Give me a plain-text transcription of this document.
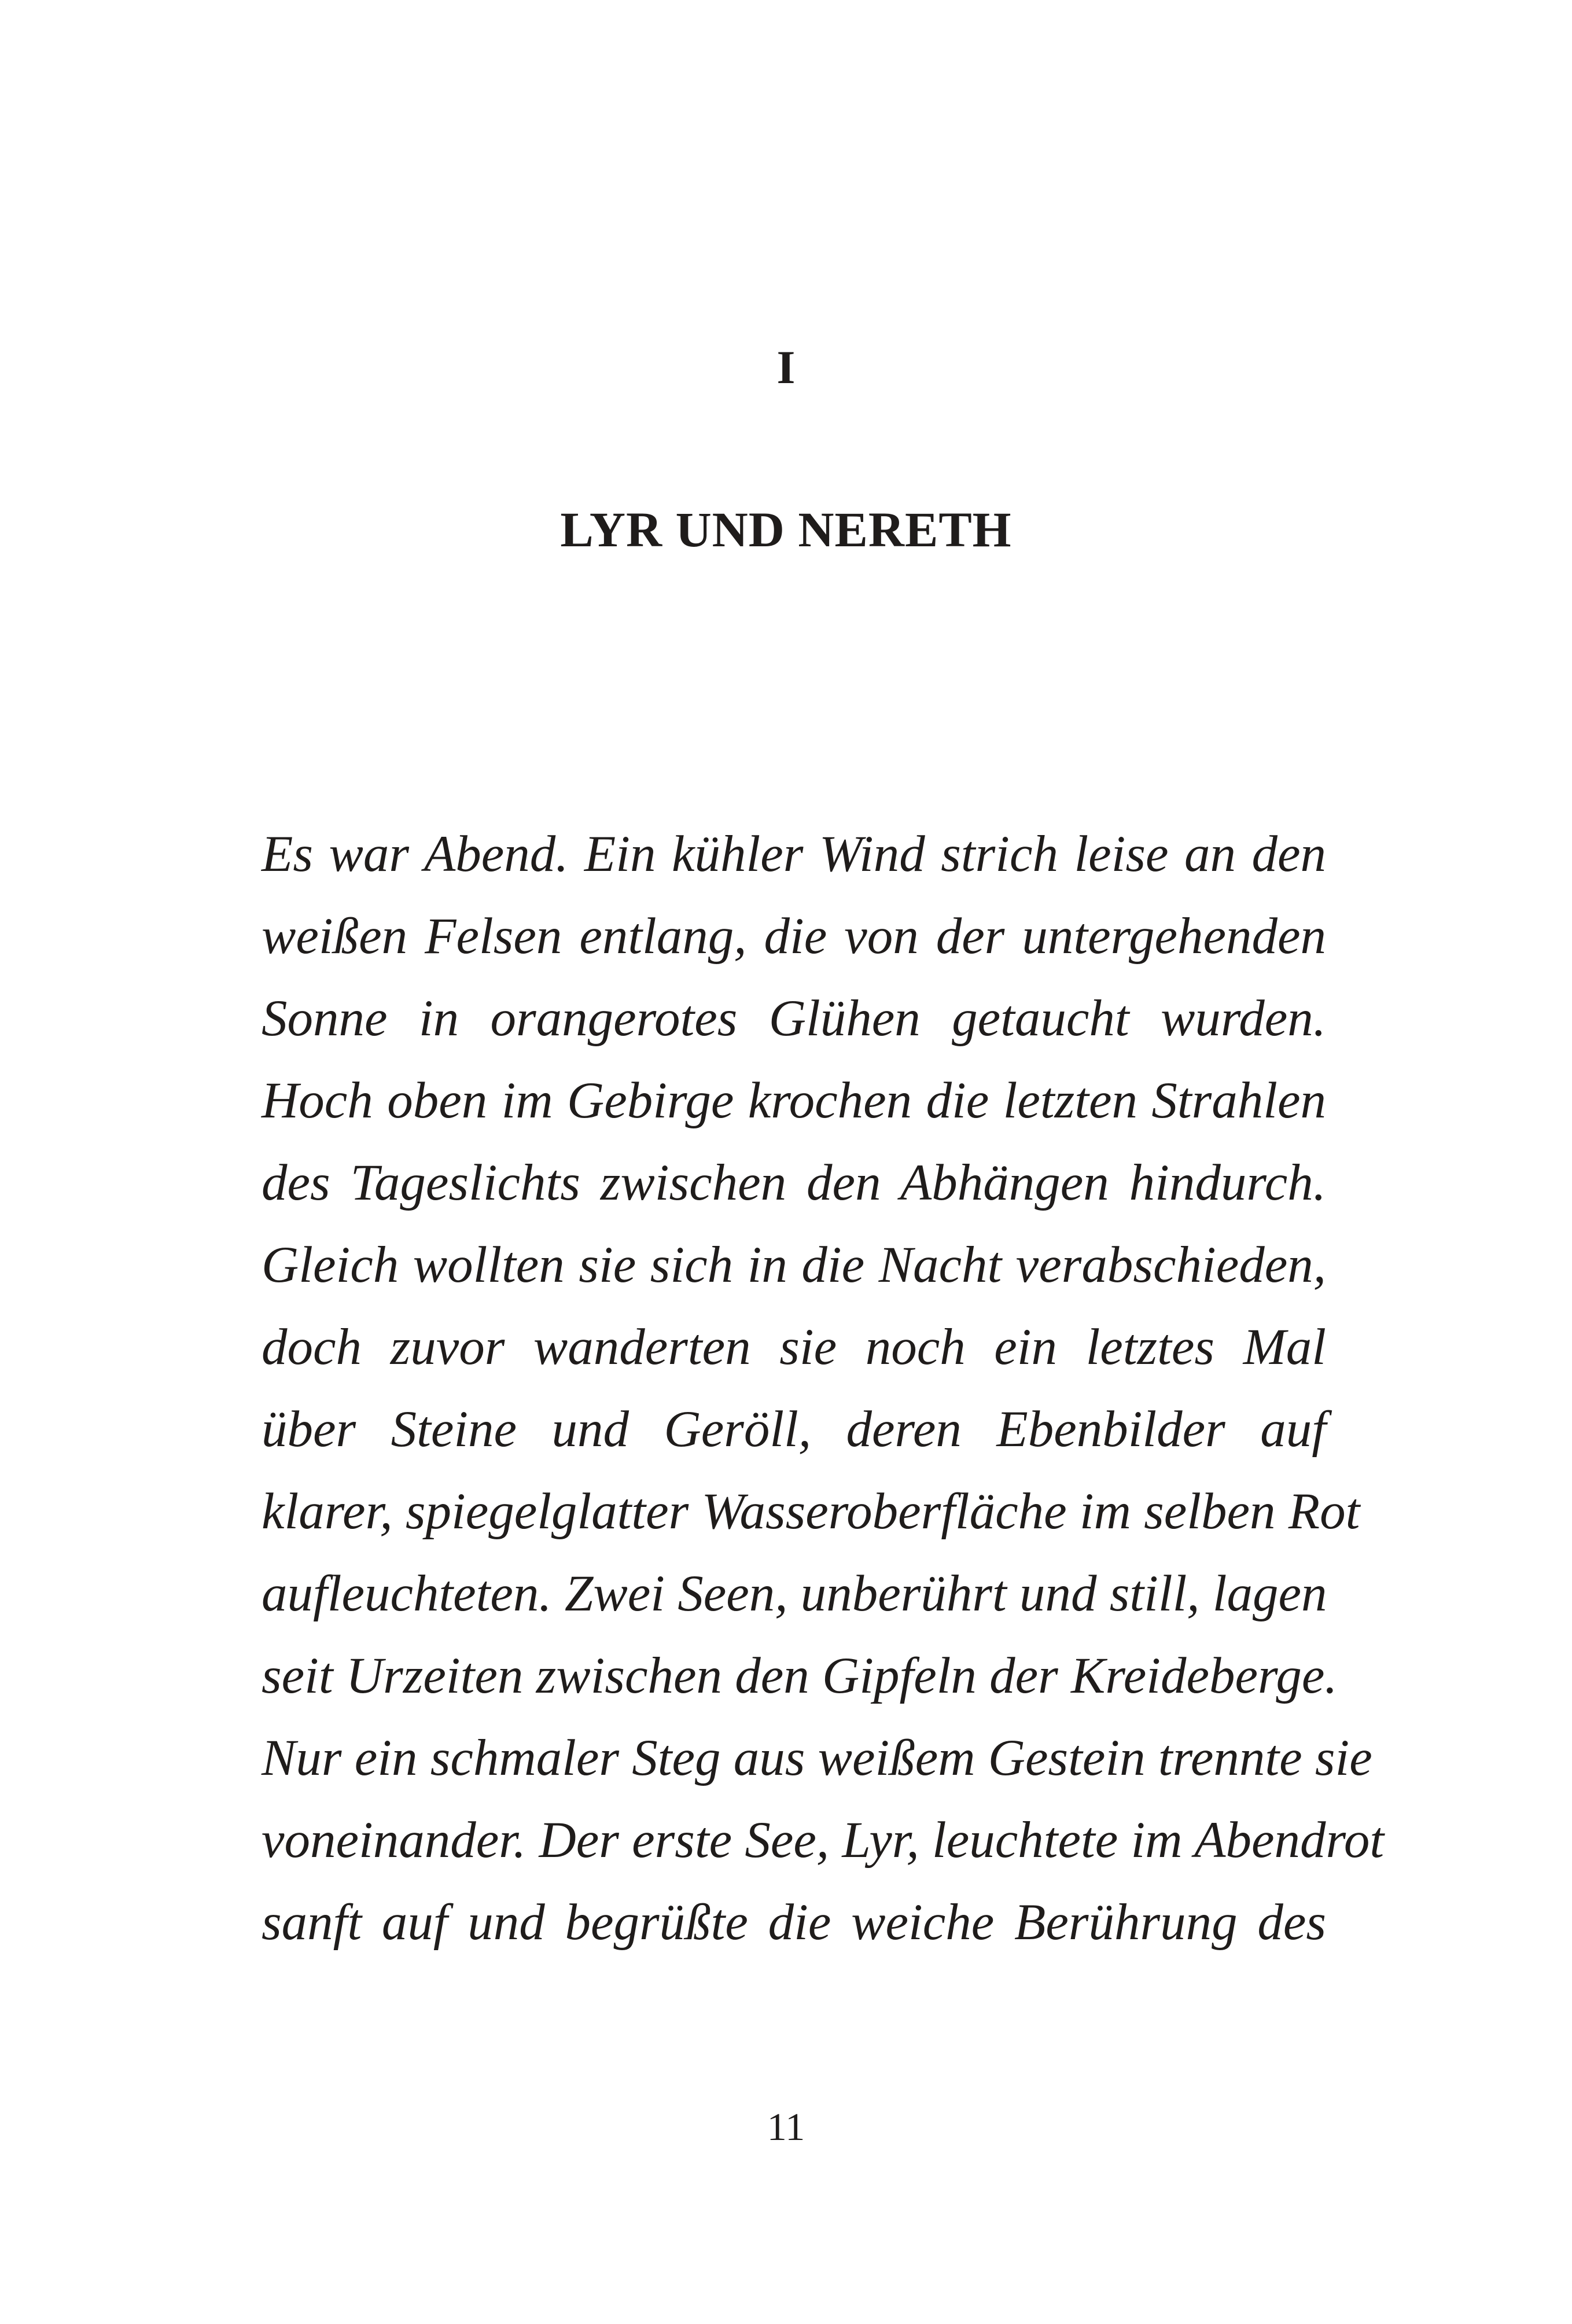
I
LYR UND NERETH
Es war Abend. Ein kühler Wind strich leise an den
weißen Felsen entlang, die von der untergehenden
Sonne in orangerotes Glühen getaucht wurden.
Hoch oben im Gebirge krochen die letzten Strahlen
des Tageslichts zwischen den Abhängen hindurch.
Gleich wollten sie sich in die Nacht verabschieden,
doch zuvor wanderten sie noch ein letztes Mal
über Steine und Geröll, deren Ebenbilder auf
klarer, spiegelglatter Wasseroberfläche im selben Rot
aufleuchteten. Zwei Seen, unberührt und still, lagen
seit Urzeiten zwischen den Gipfeln der Kreideberge.
Nur ein schmaler Steg aus weißem Gestein trennte sie
voneinander. Der erste See, Lyr, leuchtete im Abendrot
sanft auf und begrüßte die weiche Berührung des
11
